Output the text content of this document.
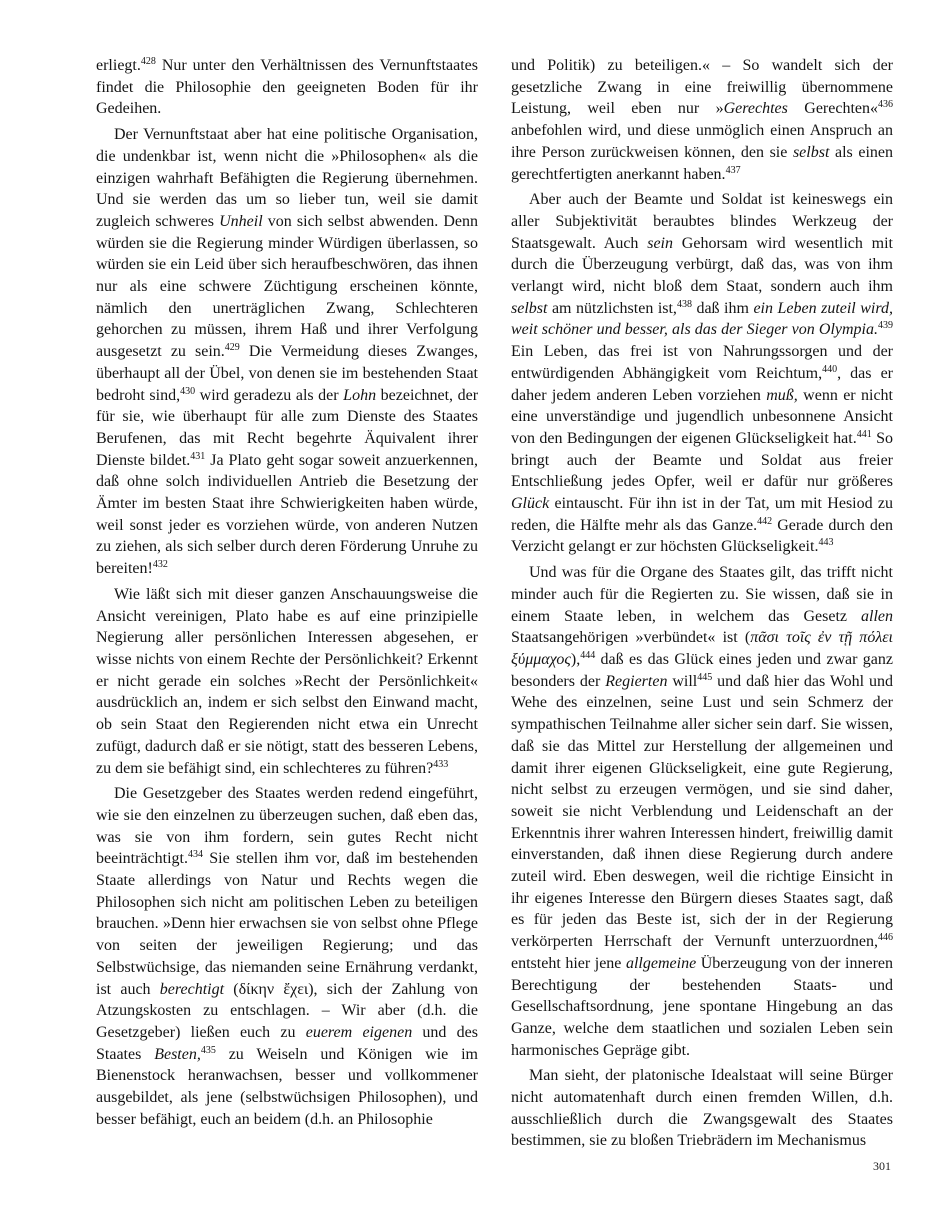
erliegt.$^{428}$ Nur unter den Verhältnissen des Vernunftstaates findet die Philosophie den geeigneten Boden für ihr Gedeihen.

Der Vernunftstaat aber hat eine politische Organisation, die undenkbar ist, wenn nicht die »Philosophen« als die einzigen wahrhaft Befähigten die Regierung übernehmen. Und sie werden das um so lieber tun, weil sie damit zugleich schweres Unheil von sich selbst abwenden. Denn würden sie die Regierung minder Würdigen überlassen, so würden sie ein Leid über sich heraufbeschwören, das ihnen nur als eine schwere Züchtigung erscheinen könnte, nämlich den unerträglichen Zwang, Schlechteren gehorchen zu müssen, ihrem Haß und ihrer Verfolgung ausgesetzt zu sein.$^{429}$ Die Vermeidung dieses Zwanges, überhaupt all der Übel, von denen sie im bestehenden Staat bedroht sind,$^{430}$ wird geradezu als der Lohn bezeichnet, der für sie, wie überhaupt für alle zum Dienste des Staates Berufenen, das mit Recht begehrte Äquivalent ihrer Dienste bildet.$^{431}$ Ja Plato geht sogar soweit anzuerkennen, daß ohne solch individuellen Antrieb die Besetzung der Ämter im besten Staat ihre Schwierigkeiten haben würde, weil sonst jeder es vorziehen würde, von anderen Nutzen zu ziehen, als sich selber durch deren Förderung Unruhe zu bereiten!$^{432}$

Wie läßt sich mit dieser ganzen Anschauungsweise die Ansicht vereinigen, Plato habe es auf eine prinzipielle Negierung aller persönlichen Interessen abgesehen, er wisse nichts von einem Rechte der Persönlichkeit? Erkennt er nicht gerade ein solches »Recht der Persönlichkeit« ausdrücklich an, indem er sich selbst den Einwand macht, ob sein Staat den Regierenden nicht etwa ein Unrecht zufügt, dadurch daß er sie nötigt, statt des besseren Lebens, zu dem sie befähigt sind, ein schlechteres zu führen?$^{433}$

Die Gesetzgeber des Staates werden redend eingeführt, wie sie den einzelnen zu überzeugen suchen, daß eben das, was sie von ihm fordern, sein gutes Recht nicht beeinträchtigt.$^{434}$ Sie stellen ihm vor, daß im bestehenden Staate allerdings von Natur und Rechts wegen die Philosophen sich nicht am politischen Leben zu beteiligen brauchen. »Denn hier erwachsen sie von selbst ohne Pflege von seiten der jeweiligen Regierung; und das Selbstwüchsige, das niemanden seine Ernährung verdankt, ist auch berechtigt (δίκην ἔχει), sich der Zahlung von Atzungskosten zu entschlagen. – Wir aber (d.h. die Gesetzgeber) ließen euch zu euerem eigenen und des Staates Besten,$^{435}$ zu Weiseln und Königen wie im Bienenstock heranwachsen, besser und vollkommener ausgebildet, als jene (selbstwüchsigen Philosophen), und besser befähigt, euch an beidem (d.h. an Philosophie

und Politik) zu beteiligen.« – So wandelt sich der gesetzliche Zwang in eine freiwillig übernommene Leistung, weil eben nur »Gerechtes Gerechten«$^{436}$ anbefohlen wird, und diese unmöglich einen Anspruch an ihre Person zurückweisen können, den sie selbst als einen gerechtfertigten anerkannt haben.$^{437}$

Aber auch der Beamte und Soldat ist keineswegs ein aller Subjektivität beraubtes blindes Werkzeug der Staatsgewalt. Auch sein Gehorsam wird wesentlich mit durch die Überzeugung verbürgt, daß das, was von ihm verlangt wird, nicht bloß dem Staat, sondern auch ihm selbst am nützlichsten ist,$^{438}$ daß ihm ein Leben zuteil wird, weit schöner und besser, als das der Sieger von Olympia.$^{439}$ Ein Leben, das frei ist von Nahrungssorgen und der entwürdigenden Abhängigkeit vom Reichtum,$^{440}$, das er daher jedem anderen Leben vorziehen muß, wenn er nicht eine unverständige und jugendlich unbesonnene Ansicht von den Bedingungen der eigenen Glückseligkeit hat.$^{441}$ So bringt auch der Beamte und Soldat aus freier Entschließung jedes Opfer, weil er dafür nur größeres Glück eintauscht. Für ihn ist in der Tat, um mit Hesiod zu reden, die Hälfte mehr als das Ganze.$^{442}$ Gerade durch den Verzicht gelangt er zur höchsten Glückseligkeit.$^{443}$

Und was für die Organe des Staates gilt, das trifft nicht minder auch für die Regierten zu. Sie wissen, daß sie in einem Staate leben, in welchem das Gesetz allen Staatsangehörigen »verbündet« ist (πᾶσι τοῖς ἐν τῇ πόλει ξύμμαχος),$^{444}$ daß es das Glück eines jeden und zwar ganz besonders der Regierten will$^{445}$ und daß hier das Wohl und Wehe des einzelnen, seine Lust und sein Schmerz der sympathischen Teilnahme aller sicher sein darf. Sie wissen, daß sie das Mittel zur Herstellung der allgemeinen und damit ihrer eigenen Glückseligkeit, eine gute Regierung, nicht selbst zu erzeugen vermögen, und sie sind daher, soweit sie nicht Verblendung und Leidenschaft an der Erkenntnis ihrer wahren Interessen hindert, freiwillig damit einverstanden, daß ihnen diese Regierung durch andere zuteil wird. Eben deswegen, weil die richtige Einsicht in ihr eigenes Interesse den Bürgern dieses Staates sagt, daß es für jeden das Beste ist, sich der in der Regierung verkörperten Herrschaft der Vernunft unterzuordnen,$^{446}$ entsteht hier jene allgemeine Überzeugung von der inneren Berechtigung der bestehenden Staats- und Gesellschaftsordnung, jene spontane Hingebung an das Ganze, welche dem staatlichen und sozialen Leben sein harmonisches Gepräge gibt.

Man sieht, der platonische Idealstaat will seine Bürger nicht automatenhaft durch einen fremden Willen, d.h. ausschließlich durch die Zwangsgewalt des Staates bestimmen, sie zu bloßen Triebrädern im Mechanismus

301
